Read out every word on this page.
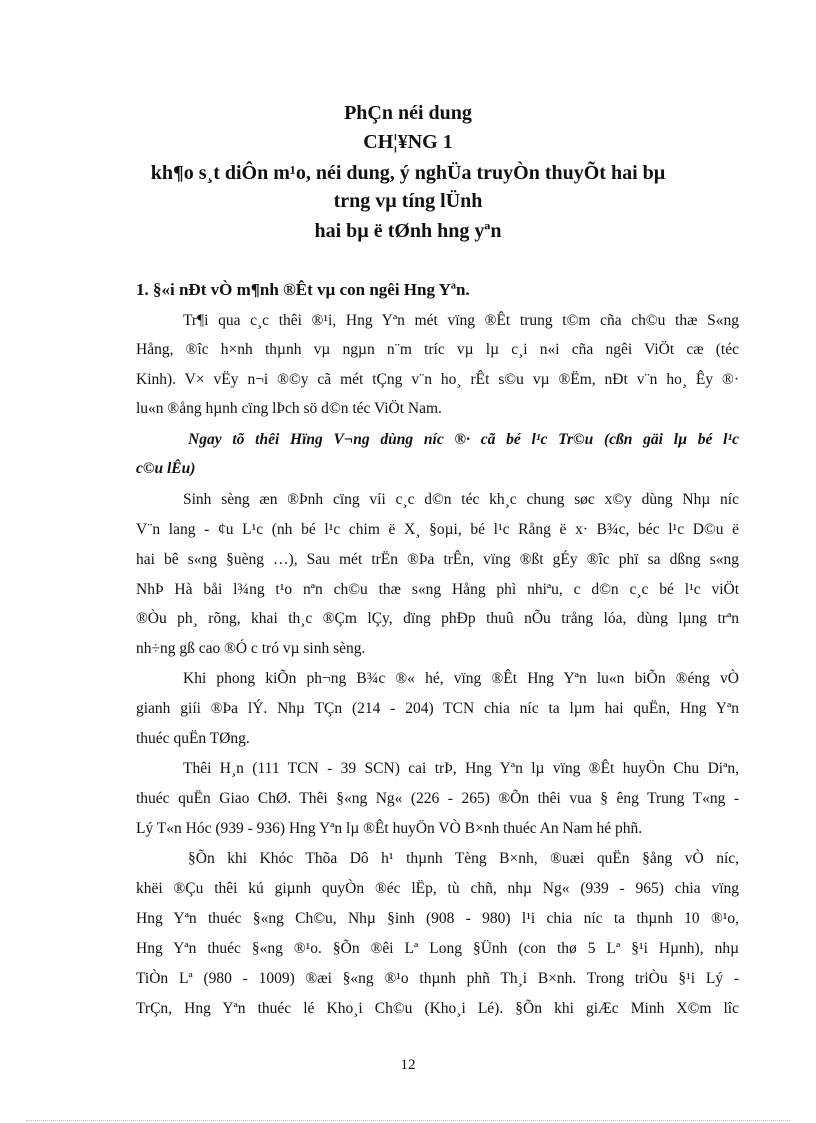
PhÇn néi dung
CH¦¥NG 1
kh¶o s¸t diÔn m¹o, néi dung, ý nghÜa truyÒn thuyÕt hai bµ
trng vµ tíng lÜnh
hai bµ ë tØnh hng yªn
1. §«i nÐt vÒ m¶nh ®Êt vµ con ngêi Hng Yªn.
Tr¶i qua c¸c thêi ®¹i, Hng Yªn mét vïng ®Êt trung t©m cña ch©u thæ S«ng
Hång, ®îc h×nh thµnh vµ ngµn n¨m tríc vµ lµ c¸i n«i cña ngêi ViÖt cæ (téc
Kinh). V× vËy n¬i ®©y cã mét tÇng v¨n ho¸ rÊt s©u vµ ®Ëm, nÐt v¨n ho¸ Êy ®·
lu«n ®ång hµnh cïng lÞch sö d©n téc ViÖt Nam.
Ngay tõ thêi Hïng V¬ng dùng níc ®· cã bé l¹c Tr©u (cßn gäi lµ bé l¹c
c©u lÊu)
Sinh sèng æn ®Þnh cïng víi c¸c d©n téc kh¸c chung søc x©y dùng Nhµ níc
V¨n lang - ¢u L¹c (nh bé l¹c chim ë X¸ §oµi, bé l¹c Rång ë x· B¾c, béc l¹c D©u ë
hai bê s«ng §uèng …), Sau mét trËn ®Þa trÊn, vïng ®ßt gÉy ®îc phï sa dßng s«ng
NhÞ Hà båi l¾ng t¹o nªn ch©u thæ s«ng Hång phì nhiªu, c d©n c¸c bé l¹c viÖt
®Òu ph¸ rõng, khai th¸c ®Çm lÇy, dïng phÐp thuû nÕu trång lóa, dùng lµng trªn
nh÷ng gß cao ®Ó c tró vµ sinh sèng.
Khi phong kiÕn ph¬ng B¾c ®« hé, vïng ®Êt Hng Yªn lu«n biÕn ®éng vÒ
gianh giíi ®Þa lÝ. Nhµ TÇn (214 - 204) TCN chia níc ta lµm hai quËn, Hng Yªn
thuéc quËn TØng.
Thêi H¸n (111 TCN - 39 SCN) cai trÞ, Hng Yªn lµ vïng ®Êt huyÖn Chu Diªn,
thuéc quËn Giao ChØ. Thêi §«ng Ng« (226 - 265) ®Õn thêi vua § êng Trung T«ng -
Lý T«n Hóc (939 - 936) Hng Yªn lµ ®Êt huyÖn VÒ B×nh thuéc An Nam hé phñ.
§Õn khi Khóc Thõa Dô h¹ thµnh Tèng B×nh, ®uæi quËn §ång vÒ níc,
khëi ®Çu thêi kú giµnh quyÒn ®éc lËp, tù chñ, nhµ Ng« (939 - 965) chia vïng
Hng Yªn thuéc §«ng Ch©u, Nhµ §inh (908 - 980) l¹i chia níc ta thµnh 10 ®¹o,
Hng Yªn thuéc §«ng ®¹o. §Õn ®êi Lª Long §Ünh (con thø 5 Lª §¹i Hµnh), nhµ
TiÒn Lª (980 - 1009) ®æi §«ng ®¹o thµnh phñ Th¸i B×nh. Trong triÒu §¹i Lý -
TrÇn, Hng Yªn thuéc lé Kho¸i Ch©u (Kho¸i Lé). §Õn khi giÆc Minh X©m lîc
12
